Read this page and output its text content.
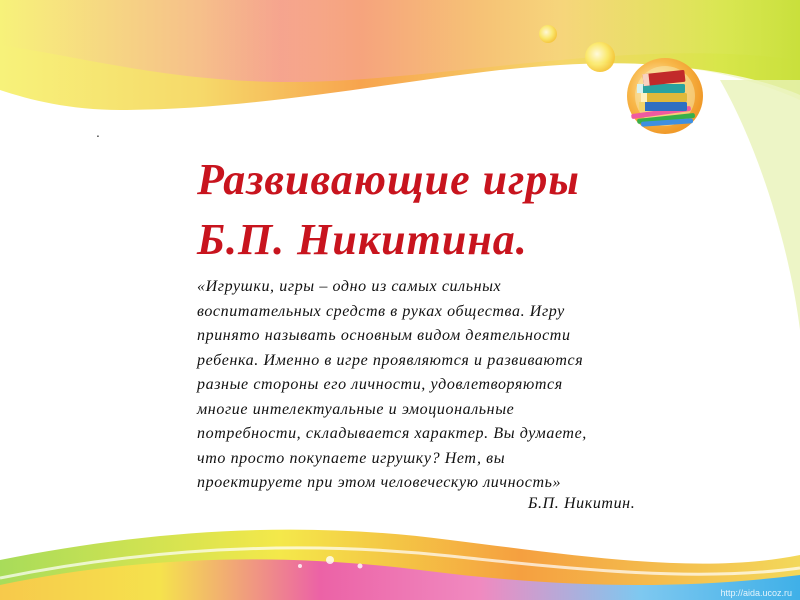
.
Развивающие игры
Б.П. Никитина.
«Игрушки, игры – одно из самых сильных
воспитательных средств в руках общества. Игру
принято называть основным видом деятельности
ребенка. Именно в игре проявляются и развиваются
разные стороны его личности, удовлетворяются
многие интелектуальные и эмоциональные
потребности, складывается характер. Вы думаете,
что просто покупаете игрушку? Нет, вы
проектируете при этом человеческую личность»
Б.П. Никитин.
http://aida.ucoz.ru
